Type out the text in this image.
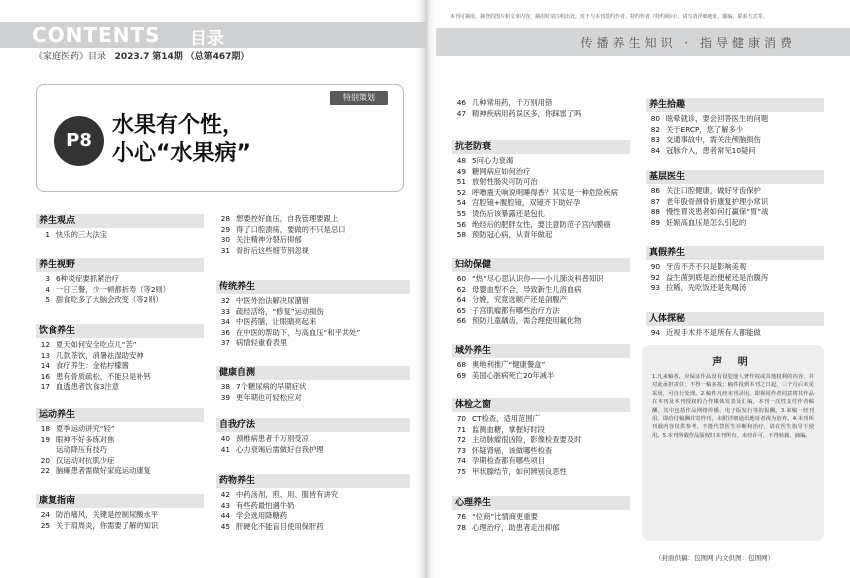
CONTENTS 目录
《家庭医药》目录 2023.7 第14期 （总第467期）
本刊可摘用、摘登的图片和文章内容，摘用时请注明出处。对于与本刊签约作者、特约作者（特约顾问）、请写清详细地址、邮编、联系方式等。
传播养生知识 · 指导健康消费
特别策划
P8
水果有个性，
小心“水果病”
养生观点
1 快乐的三大法宝
养生视野
3 6种炎症要抓紧治疗
4 一日三餐，少一顿都折寿（等2则）
5 甜食吃多了大脑会改变（等2则）
饮食养生
12 夏天如何安全吃点儿“苦”
13 几款茶饮，消暑祛湿助安神
14 食疗养生：金桔柠檬酱
16 患有骨质疏松，不能只是补钙
17 血透患者饮食3注意
运动养生
18 夏季运动讲究“轻”
19 眼神不好多练对焦
运动降压有技巧
20 仅运动对抗肌少症
22 脑瘫患者需做好家庭运动康复
康复指南
24 防治痛风，关键是控制尿酸水平
25 关于肩周炎，你需要了解的知识
28 想要控好血压，自我管理要跟上
29 得了口腔溃疡，要做的不只是忌口
30 关注精神分裂后抑郁
31 骨折后这些细节别忽视
传统养生
32 中医外治法解决尿潴留
33 疏经活络，“修复”运动损伤
34 中医药膳，让眼睛亮起来
36 在中医的帮助下，与高血压“和平共处”
37 病情轻重看表里
健康自测
38 7个糖尿病的早期症状
39 更年期也可轻松应对
自我疗法
40 颈椎病患者千万别受凉
41 心力衰竭后需做好自我护理
药物养生
42 中药汤剂，煎、用、服皆有讲究
43 有些药最怕遇牛奶
44 学会选用降糖药
45 肝硬化不能盲目使用保肝药
46 几种常用药，千万别用错
47 精神疾病用药误区多，你踩雷了吗
抗老防衰
48 5问心力衰竭
49 糖网病应如何治疗
51 放射性肠炎可防可治
52 呼噜震天响说明睡得香？其实是一种危险疾病
54 宫腔镜+腹腔镜，双镜齐下助好孕
55 烫伤后该暴露还是包扎
56 绝经后的肥胖女性，要注意防范子宫内膜癌
58 预防冠心病，从青年做起
妇幼保健
60 “热”尽心思认识你——小儿肺炎科普知识
62 母婴血型不合，导致新生儿溶血病
64 分娩，究竟选顺产还是剖腹产
65 子宫肌瘤都有哪些治疗方法
66 预防儿童龋齿，需合理使用氟化物
域外养生
68 奥地利推广“健康餐盒”
69 美国心脏病死亡20年减半
体检之窗
70 CT检查，适用范围广
71 监测血糖，掌握好时段
72 主动脉瘤很凶险，影像检查要及时
73 怀疑肾癌，该做哪些检查
74 孕期检查都有哪些项目
75 甲状腺结节，如何辨别良恶性
心理养生
76 “位商”比情商更重要
78 心理治疗，助患者走出抑郁
养生拾趣
80 眩晕就诊，要会回答医生的问题
82 关于ERCP，您了解多少
83 交通事故中，需关注颅脑损伤
84 冠脉介入，患者常见10疑问
基层医生
86 关注口腔健康，做好牙齿保护
87 老年股骨颈骨折康复护理小常识
88 慢性胃炎患者如何打赢保“胃”战
89 妊娠高血压是怎么引起的
真假养生
90 牙齿不齐不只是影响美观
92 益生菌到底是治便秘还是治腹泻
93 拉稀，先吃饭还是先喝汤
人体探秘
94 近视手术并不是所有人都能做
声 明
1.凡来稿者，应保证作品没有侵犯他人著作权或其他权利的内容，并对此承担责任；不得一稿多投；稿件投到本刊之日起，三个月后未见采用，可自行处理。2.稿件凡经本刊录用，即视同作者同意将其作品在本刊及本刊授权的合作媒体发表及汇编，本刊一次性支付作者稿酬，其中包括作品网络传播、电子版发行等的报酬。3.来稿一经刊用，即给付稿酬并寄样刊，未附详细通讯地址者视为放弃。4.本刊所刊载内容仅供参考，不能代替医生诊断和治疗，请在医生指导下使用。5.本刊所载作品版权归本刊所有，未经许可，不得转载、摘编。
（封面供稿：包图网 内文供图：包图网）
